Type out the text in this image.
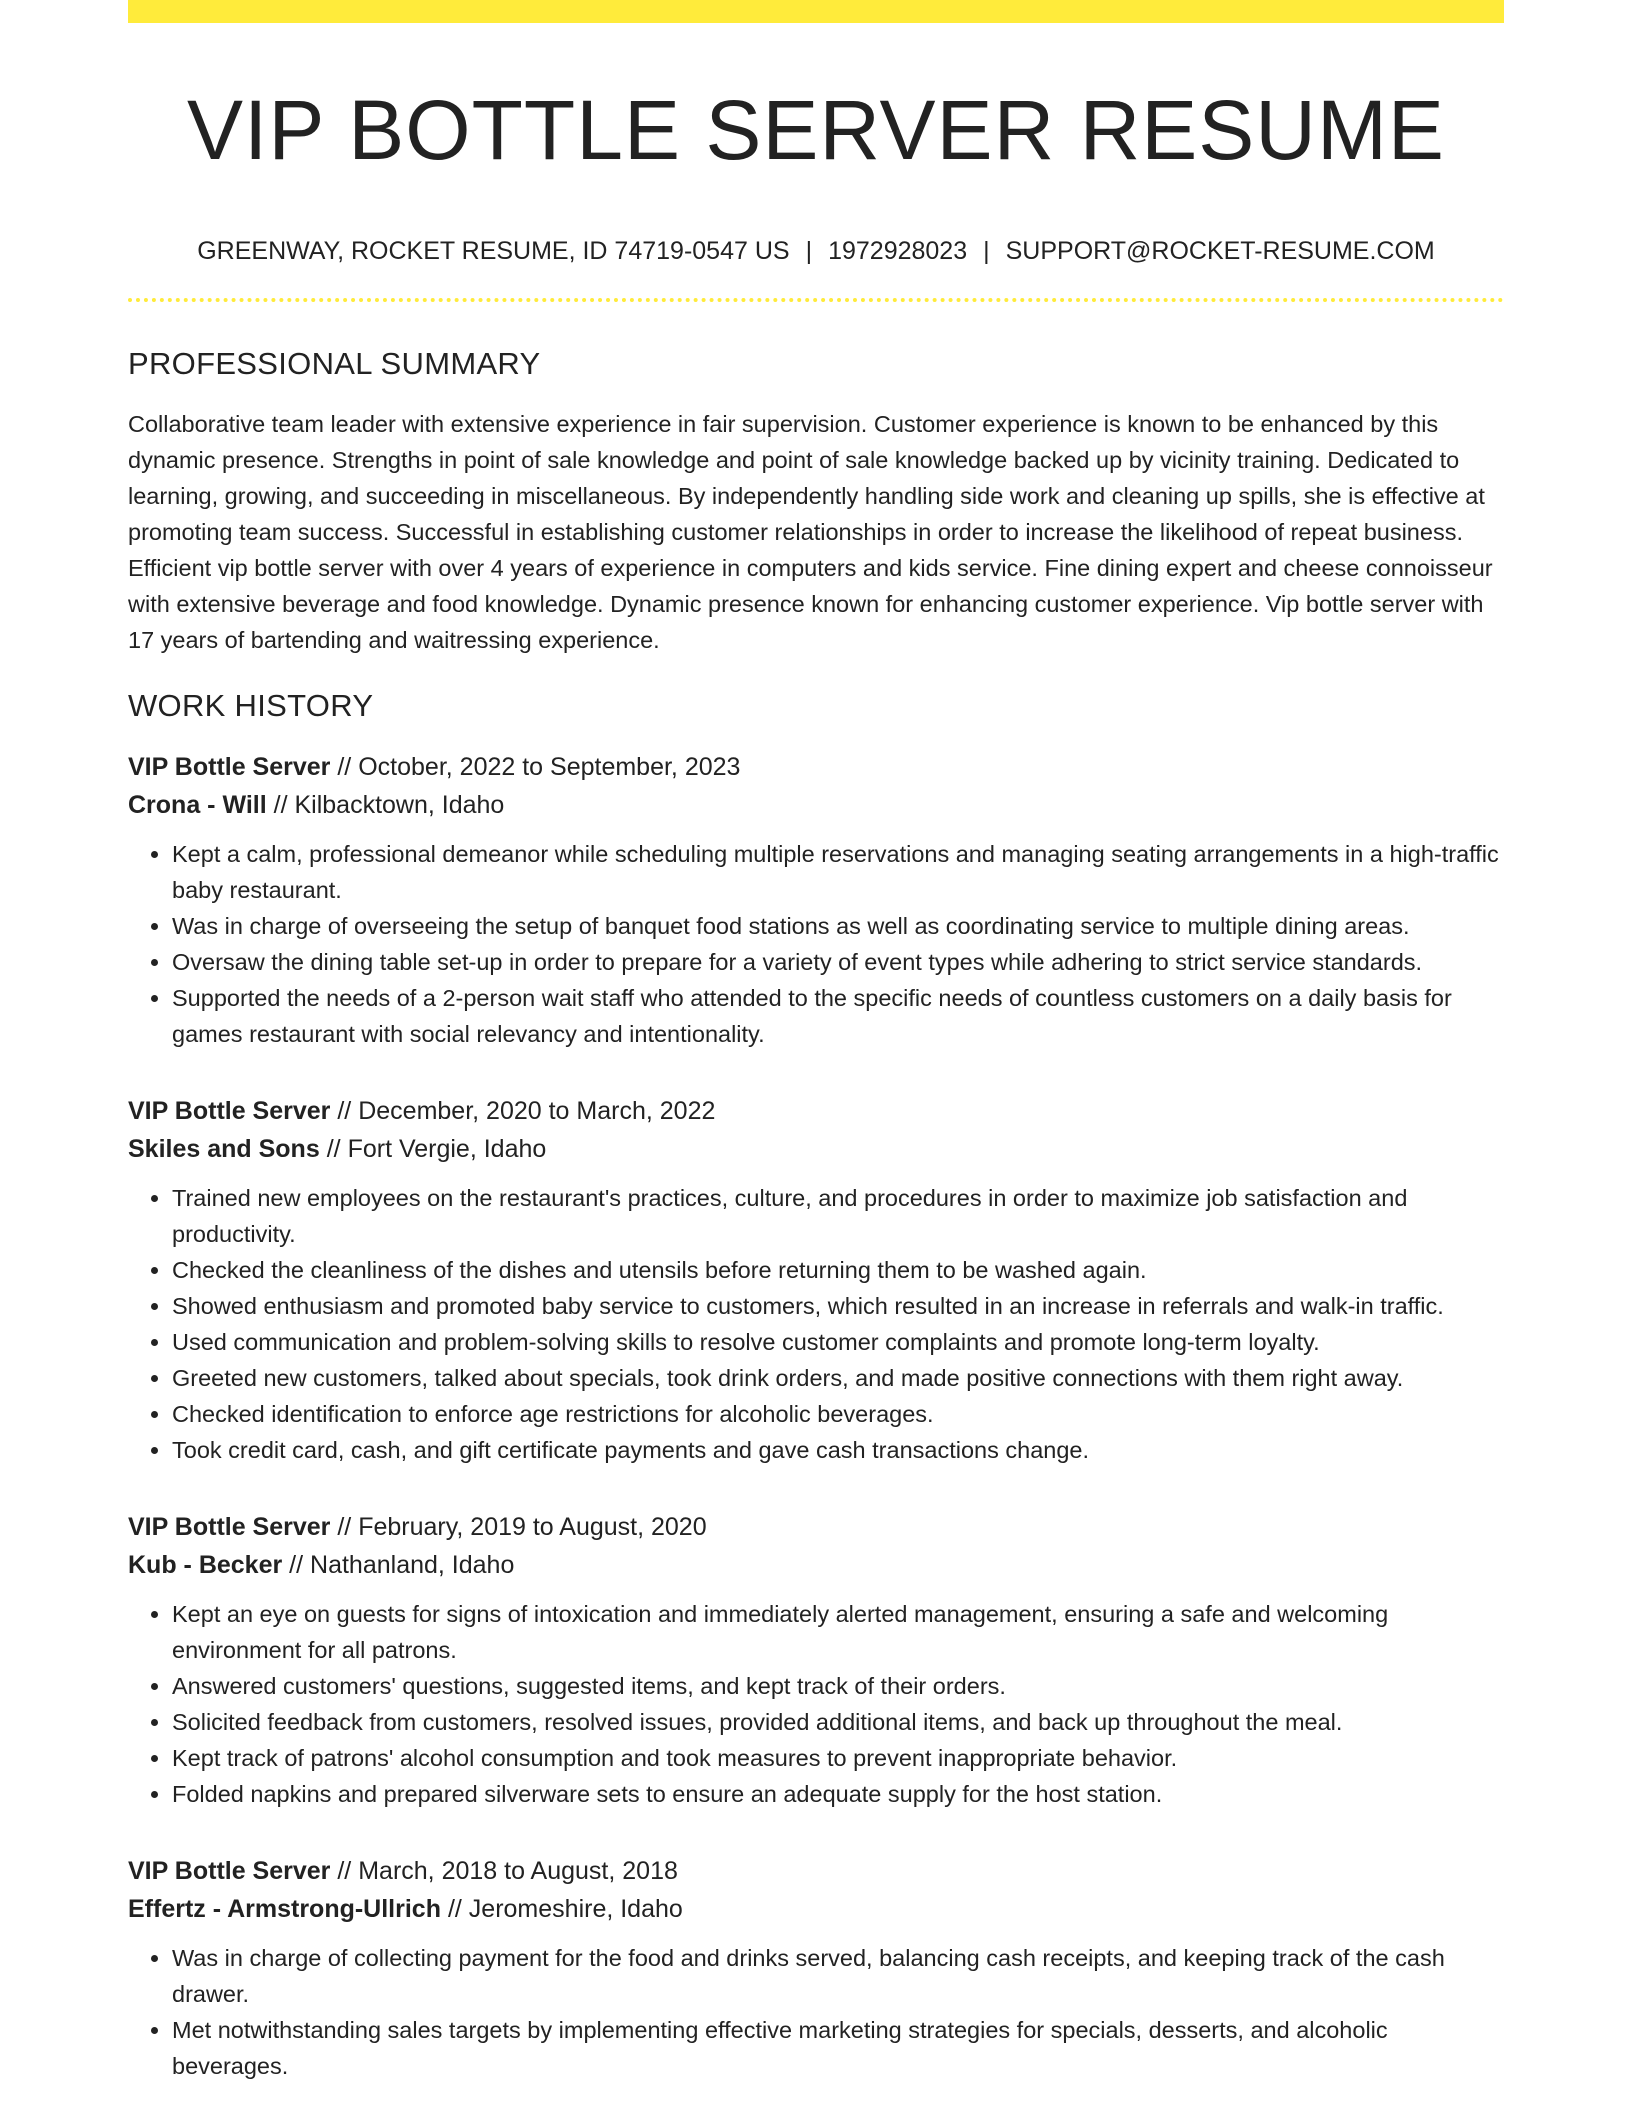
VIP BOTTLE SERVER RESUME
GREENWAY, ROCKET RESUME, ID 74719-0547 US | 1972928023 | SUPPORT@ROCKET-RESUME.COM
PROFESSIONAL SUMMARY

Collaborative team leader with extensive experience in fair supervision. Customer experience is known to be enhanced by this dynamic presence. Strengths in point of sale knowledge and point of sale knowledge backed up by vicinity training. Dedicated to learning, growing, and succeeding in miscellaneous. By independently handling side work and cleaning up spills, she is effective at promoting team success. Successful in establishing customer relationships in order to increase the likelihood of repeat business. Efficient vip bottle server with over 4 years of experience in computers and kids service. Fine dining expert and cheese connoisseur with extensive beverage and food knowledge. Dynamic presence known for enhancing customer experience. Vip bottle server with 17 years of bartending and waitressing experience.

WORK HISTORY
VIP Bottle Server // October, 2022 to September, 2023
Crona - Will // Kilbacktown, Idaho
• Kept a calm, professional demeanor while scheduling multiple reservations and managing seating arrangements in a high-traffic baby restaurant.
• Was in charge of overseeing the setup of banquet food stations as well as coordinating service to multiple dining areas.
• Oversaw the dining table set-up in order to prepare for a variety of event types while adhering to strict service standards.
• Supported the needs of a 2-person wait staff who attended to the specific needs of countless customers on a daily basis for games restaurant with social relevancy and intentionality.
VIP Bottle Server // December, 2020 to March, 2022
Skiles and Sons // Fort Vergie, Idaho
• Trained new employees on the restaurant's practices, culture, and procedures in order to maximize job satisfaction and productivity.
• Checked the cleanliness of the dishes and utensils before returning them to be washed again.
• Showed enthusiasm and promoted baby service to customers, which resulted in an increase in referrals and walk-in traffic.
• Used communication and problem-solving skills to resolve customer complaints and promote long-term loyalty.
• Greeted new customers, talked about specials, took drink orders, and made positive connections with them right away.
• Checked identification to enforce age restrictions for alcoholic beverages.
• Took credit card, cash, and gift certificate payments and gave cash transactions change.
VIP Bottle Server // February, 2019 to August, 2020
Kub - Becker // Nathanland, Idaho
• Kept an eye on guests for signs of intoxication and immediately alerted management, ensuring a safe and welcoming environment for all patrons.
• Answered customers' questions, suggested items, and kept track of their orders.
• Solicited feedback from customers, resolved issues, provided additional items, and back up throughout the meal.
• Kept track of patrons' alcohol consumption and took measures to prevent inappropriate behavior.
• Folded napkins and prepared silverware sets to ensure an adequate supply for the host station.
VIP Bottle Server // March, 2018 to August, 2018
Effertz - Armstrong-Ullrich // Jeromeshire, Idaho
• Was in charge of collecting payment for the food and drinks served, balancing cash receipts, and keeping track of the cash drawer.
• Met notwithstanding sales targets by implementing effective marketing strategies for specials, desserts, and alcoholic beverages.
